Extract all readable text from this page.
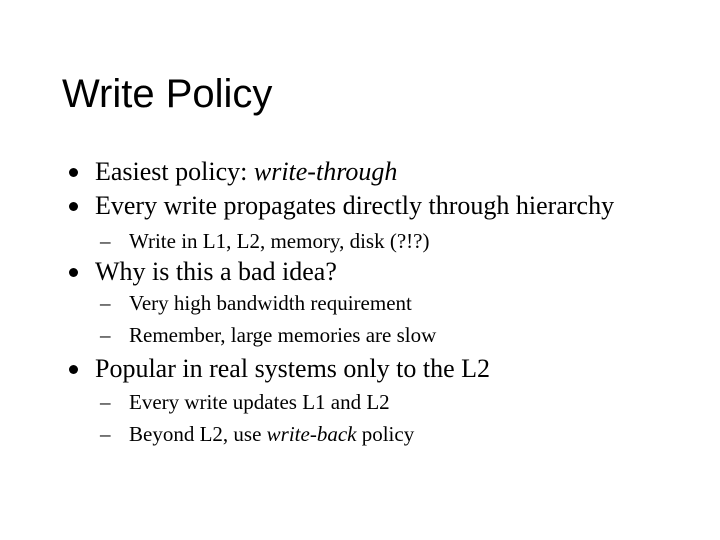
Write Policy
Easiest policy: write-through
Every write propagates directly through hierarchy
– Write in L1, L2, memory, disk (?!?)
Why is this a bad idea?
– Very high bandwidth requirement
– Remember, large memories are slow
Popular in real systems only to the L2
– Every write updates L1 and L2
– Beyond L2, use write-back policy
